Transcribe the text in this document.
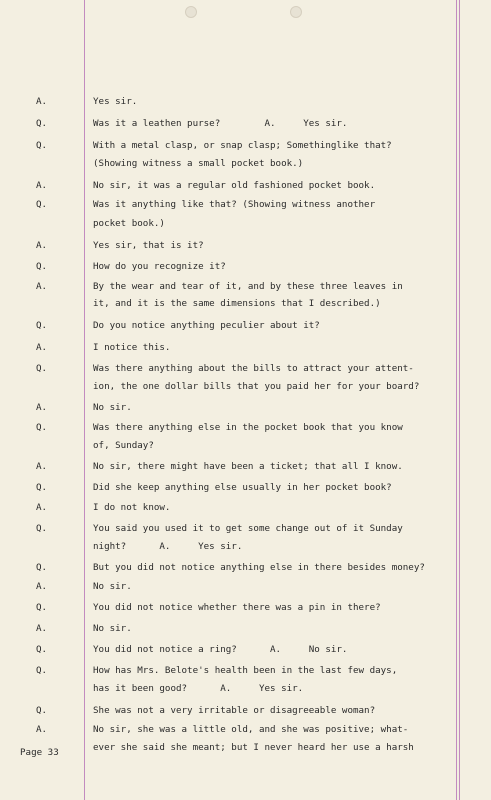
A.	Yes sir.
Q.	Was it a leathen purse?        A.     Yes sir.
Q.	With a metal clasp, or snap clasp; Somethinglike that?
(Showing witness a small pocket book.)
A.	No sir, it was a regular old fashioned pocket book.
Q.	Was it anything like that? (Showing witness another
pocket book.)
A.	Yes sir, that is it?
Q.	How do you recognize it?
A.	By the wear and tear of it, and by these three leaves in
it, and it is the same dimensions that I described.)
Q.	Do you notice anything peculier about it?
A.	I notice this.
Q.	Was there anything about the bills to attract your attent-
ion, the one dollar bills that you paid her for your board?
A.	No sir.
Q.	Was there anything else in the pocket book that you know
of, Sunday?
A.	No sir, there might have been a ticket; that all I know.
Q.	Did she keep anything else usually in her pocket book?
A.	I do not know.
Q.	You said you used it to get some change out of it Sunday
night?      A.     Yes sir.
Q.	But you did not notice anything else in there besides money?
A.	No sir.
Q.	You did not notice whether there was a pin in there?
A.	No sir.
Q.	You did not notice a ring?      A.     No sir.
Q.	How has Mrs. Belote's health been in the last few days,
has it been good?      A.     Yes sir.
Q.	She was not a very irritable or disagreeable woman?
A.	No sir, she was a little old, and she was positive; what-
ever she said she meant; but I never heard her use a harsh
Page 33
